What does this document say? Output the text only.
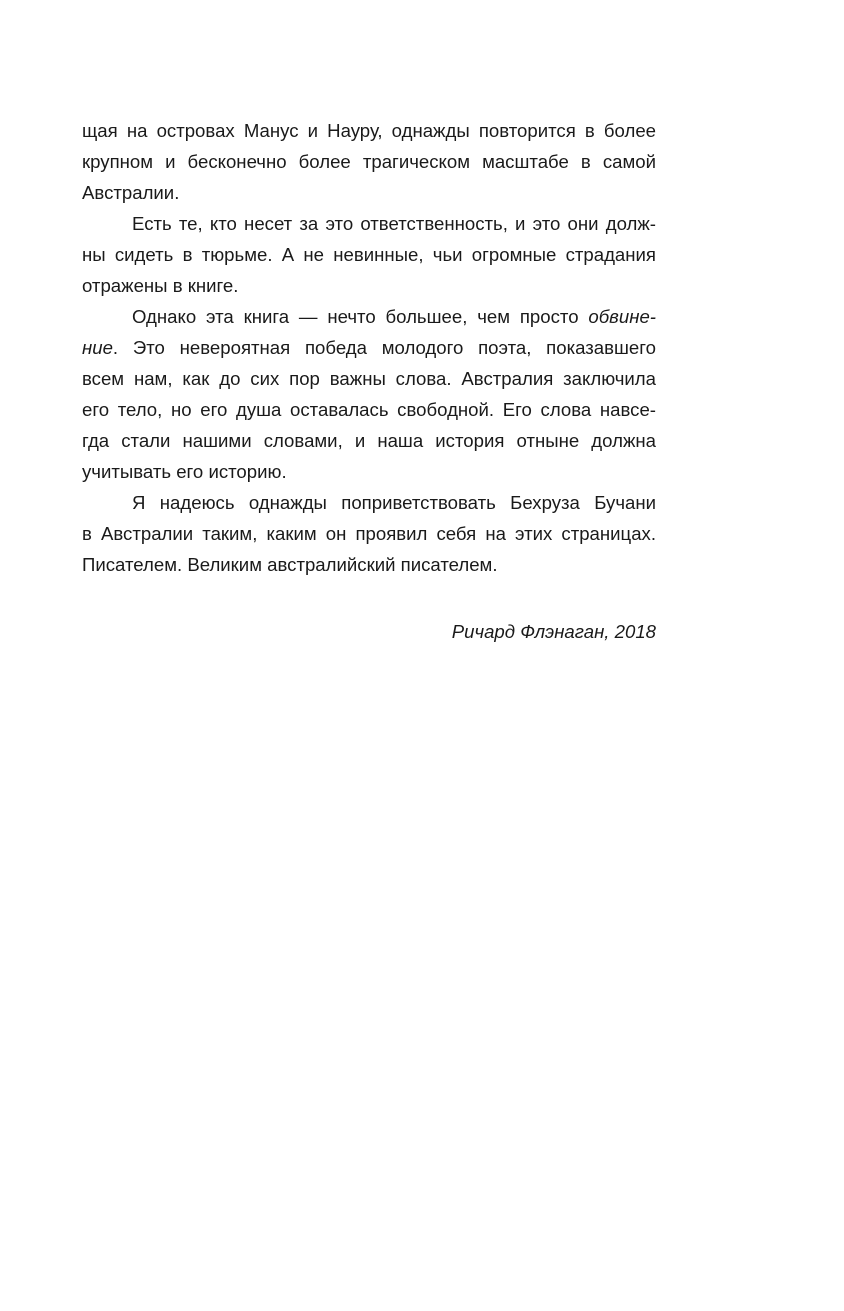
щая на островах Манус и Науру, однажды повторится в более
крупном и бесконечно более трагическом масштабе в самой
Австралии.
Есть те, кто несет за это ответственность, и это они долж-
ны сидеть в тюрьме. А не невинные, чьи огромные страдания
отражены в книге.
Однако эта книга — нечто большее, чем просто обвине-
ние. Это невероятная победа молодого поэта, показавшего
всем нам, как до сих пор важны слова. Австралия заключила
его тело, но его душа оставалась свободной. Его слова навсе-
гда стали нашими словами, и наша история отныне должна
учитывать его историю.
Я надеюсь однажды поприветствовать Бехруза Бучани
в Австралии таким, каким он проявил себя на этих страницах.
Писателем. Великим австралийский писателем.
Ричард Флэнаган, 2018
